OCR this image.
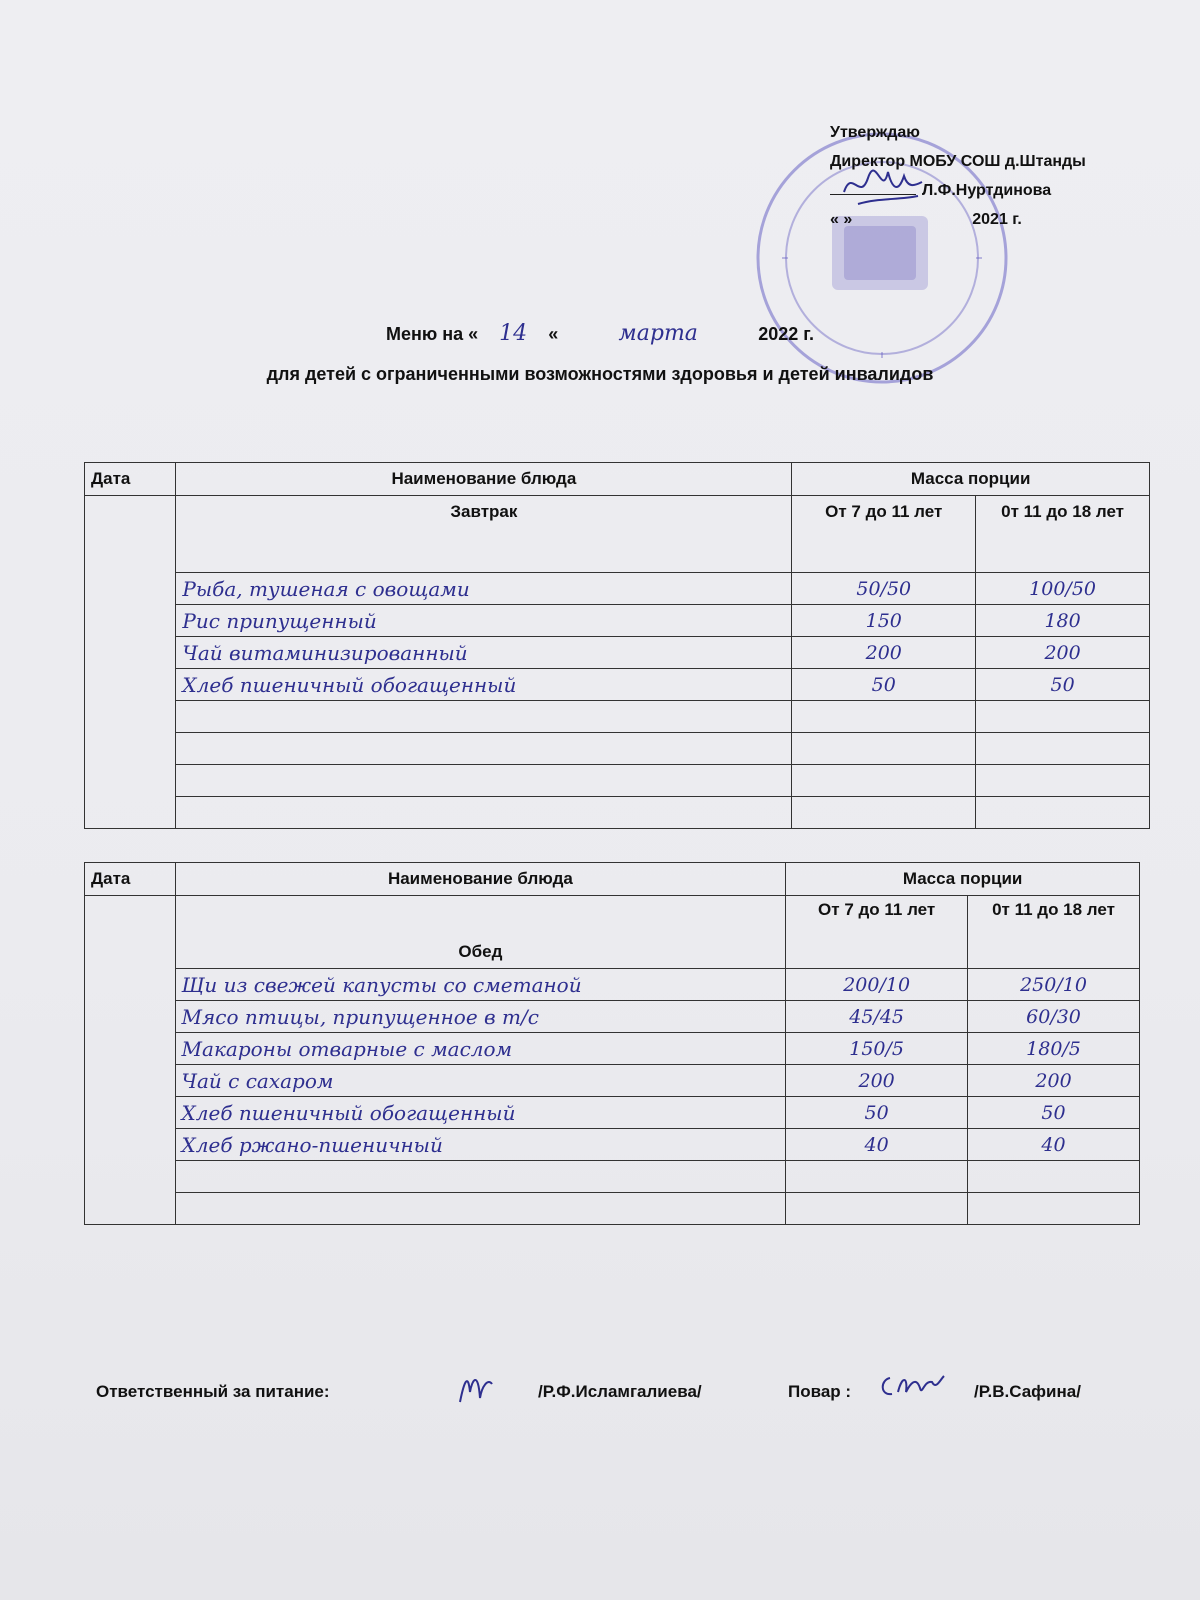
Утверждаю
Директор МОБУ СОШ д.Штанды
Л.Ф.Нуртдинова
« »	2021 г.
Меню на « 14 «	марта	2022 г.
для детей с ограниченными возможностями здоровья и детей инвалидов
Дата	Наименование блюда	Масса порции	
	Завтрак	От 7 до 11 лет	0т 11 до 18 лет
	Рыба, тушеная с овощами	50/50	100/50
	Рис припущенный	150	180
	Чай витаминизированный	200	200
	Хлеб пшеничный обогащенный	50	50

Дата	Наименование блюда	Масса порции	
	Обед	От 7 до 11 лет	0т 11 до 18 лет
	Щи из свежей капусты со сметаной	200/10	250/10
	Мясо птицы, припущенное в т/с	45/45	60/30
	Макароны отварные с маслом	150/5	180/5
	Чай с сахаром	200	200
	Хлеб пшеничный обогащенный	50	50
	Хлеб ржано-пшеничный	40	40

Ответственный за питание:	/Р.Ф.Исламгалиева/	Повар :	/Р.В.Сафина/
